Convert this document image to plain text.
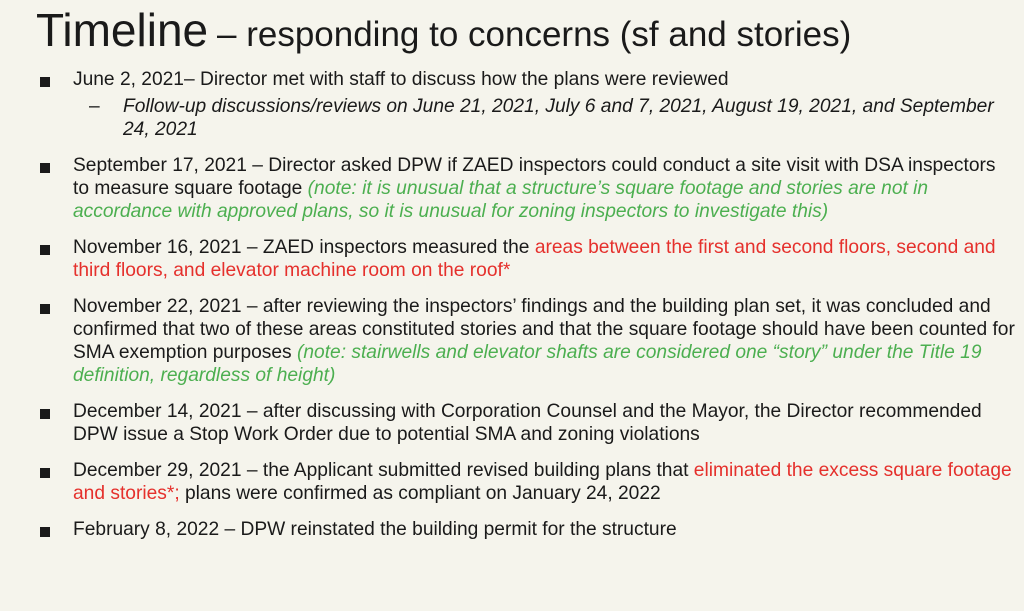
Timeline – responding to concerns (sf and stories)
June 2, 2021– Director met with staff to discuss how the plans were reviewed
– Follow-up discussions/reviews on June 21, 2021, July 6 and 7, 2021, August 19, 2021, and September 24, 2021
September 17, 2021 – Director asked DPW if ZAED inspectors could conduct a site visit with DSA inspectors to measure square footage (note: it is unusual that a structure’s square footage and stories are not in accordance with approved plans, so it is unusual for zoning inspectors to investigate this)
November 16, 2021 – ZAED inspectors measured the areas between the first and second floors, second and third floors, and elevator machine room on the roof*
November 22, 2021 – after reviewing the inspectors’ findings and the building plan set, it was concluded and confirmed that two of these areas constituted stories and that the square footage should have been counted for SMA exemption purposes (note: stairwells and elevator shafts are considered one “story” under the Title 19 definition, regardless of height)
December 14, 2021 – after discussing with Corporation Counsel and the Mayor, the Director recommended DPW issue a Stop Work Order due to potential SMA and zoning violations
December 29, 2021 – the Applicant submitted revised building plans that eliminated the excess square footage and stories*; plans were confirmed as compliant on January 24, 2022
February 8, 2022 – DPW reinstated the building permit for the structure
